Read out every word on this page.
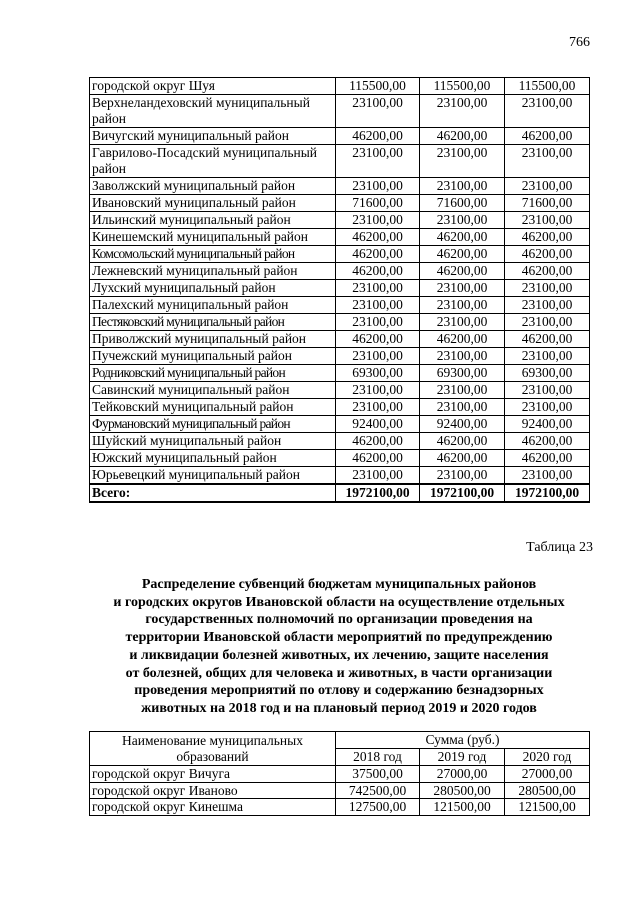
766
городской округ Шуя	115500,00	115500,00	115500,00
Верхнеландеховский муниципальный район	23100,00	23100,00	23100,00
Вичугский муниципальный район	46200,00	46200,00	46200,00
Гаврилово-Посадский муниципальный район	23100,00	23100,00	23100,00
Заволжский муниципальный район	23100,00	23100,00	23100,00
Ивановский муниципальный район	71600,00	71600,00	71600,00
Ильинский муниципальный район	23100,00	23100,00	23100,00
Кинешемский муниципальный район	46200,00	46200,00	46200,00
Комсомольский муниципальный район	46200,00	46200,00	46200,00
Лежневский муниципальный район	46200,00	46200,00	46200,00
Лухский муниципальный район	23100,00	23100,00	23100,00
Палехский муниципальный район	23100,00	23100,00	23100,00
Пестяковский муниципальный район	23100,00	23100,00	23100,00
Приволжский муниципальный район	46200,00	46200,00	46200,00
Пучежский муниципальный район	23100,00	23100,00	23100,00
Родниковский муниципальный район	69300,00	69300,00	69300,00
Савинский муниципальный район	23100,00	23100,00	23100,00
Тейковский муниципальный район	23100,00	23100,00	23100,00
Фурмановский муниципальный район	92400,00	92400,00	92400,00
Шуйский муниципальный район	46200,00	46200,00	46200,00
Южский муниципальный район	46200,00	46200,00	46200,00
Юрьевецкий муниципальный район	23100,00	23100,00	23100,00
Всего:	1972100,00	1972100,00	1972100,00
Таблица 23
Распределение субвенций бюджетам муниципальных районов
и городских округов Ивановской области на осуществление отдельных
государственных полномочий по организации проведения на
территории Ивановской области мероприятий по предупреждению
и ликвидации болезней животных, их лечению, защите населения
от болезней, общих для человека и животных, в части организации
проведения мероприятий по отлову и содержанию безнадзорных
животных на 2018 год и на плановый период 2019 и 2020 годов
Наименование муниципальных образований	Сумма (руб.)		
	2018 год	2019 год	2020 год
городской округ Вичуга	37500,00	27000,00	27000,00
городской округ Иваново	742500,00	280500,00	280500,00
городской округ Кинешма	127500,00	121500,00	121500,00
